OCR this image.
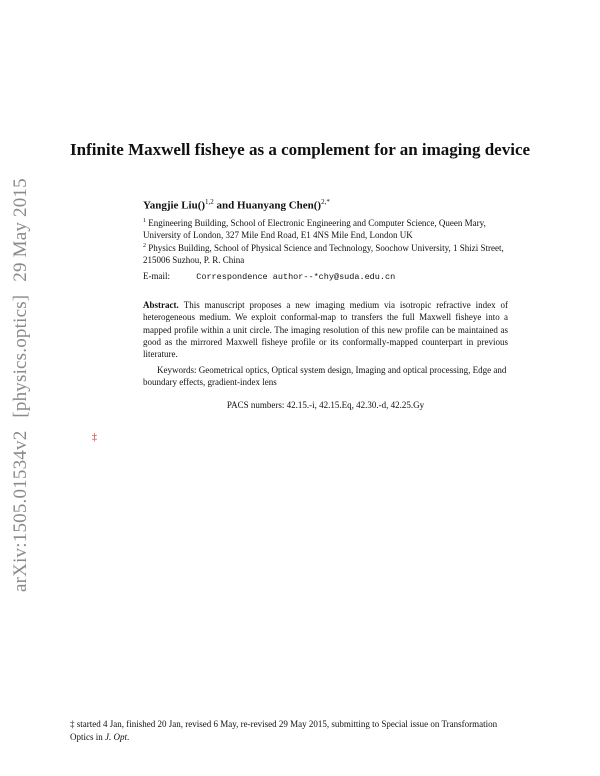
arXiv:1505.01534v2 [physics.optics] 29 May 2015
Infinite Maxwell fisheye as a complement for an imaging device
Yangjie Liu()$^{1,2}$ and Huanyang Chen()$^{2,*}$
$^1$ Engineering Building, School of Electronic Engineering and Computer Science, Queen Mary, University of London, 327 Mile End Road, E1 4NS Mile End, London UK
$^2$ Physics Building, School of Physical Science and Technology, Soochow University, 1 Shizi Street, 215006 Suzhou, P. R. China
E-mail:	Correspondence author--*chy@suda.edu.cn
Abstract. This manuscript proposes a new imaging medium via isotropic refractive index of heterogeneous medium. We exploit conformal-map to transfers the full Maxwell fisheye into a mapped profile within a unit circle. The imaging resolution of this new profile can be maintained as good as the mirrored Maxwell fisheye profile or its conformally-mapped counterpart in previous literature.
Keywords: Geometrical optics, Optical system design, Imaging and optical processing, Edge and boundary effects, gradient-index lens
PACS numbers: 42.15.-i, 42.15.Eq, 42.30.-d, 42.25.Gy
‡
‡ started 4 Jan, finished 20 Jan, revised 6 May, re-revised 29 May 2015, submitting to Special issue on Transformation Optics in J. Opt.
